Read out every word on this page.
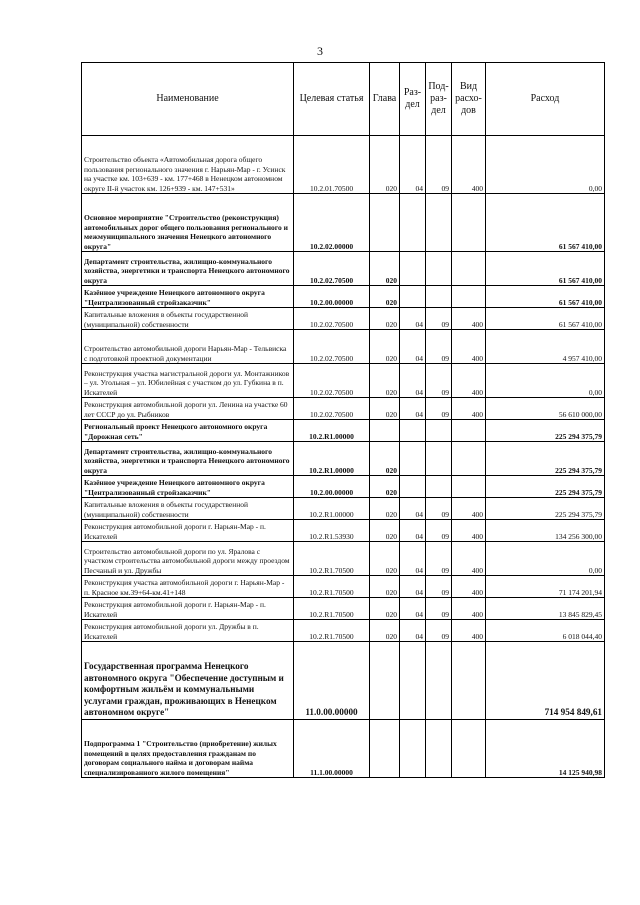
3
Наименование	Целевая статья	Глава	Раз-дел	Под-раз-дел	Вид расхо-дов	Расход
Строительство объекта «Автомобильная дорога общего пользования регионального значения г. Нарьян-Мар - г. Усинск на участке км. 103+639 - км. 177+468 в Ненецком автономном округе II-й участок км. 126+939 - км. 147+531»	10.2.01.70500	020	04	09	400	0,00
Основное мероприятие "Строительство (реконструкция) автомобильных дорог общего пользования регионального и межмуниципального значения Ненецкого автономного округа"	10.2.02.00000					61 567 410,00
Департамент строительства, жилищно-коммунального хозяйства, энергетики и транспорта Ненецкого автономного округа	10.2.02.70500	020				61 567 410,00
Казённое учреждение Ненецкого автономного округа "Централизованный стройзаказчик"	10.2.00.00000	020				61 567 410,00
Капитальные вложения в объекты государственной (муниципальной) собственности	10.2.02.70500	020	04	09	400	61 567 410,00
Строительство автомобильной дороги Нарьян-Мар - Тельвиска с подготовкой проектной документации	10.2.02.70500	020	04	09	400	4 957 410,00
Реконструкция участка магистральной дороги ул. Монтажников – ул. Угольная – ул. Юбилейная с участком до ул. Губкина в п. Искателей	10.2.02.70500	020	04	09	400	0,00
Реконструкция автомобильной дороги ул. Ленина на участке 60 лет СССР до ул. Рыбников	10.2.02.70500	020	04	09	400	56 610 000,00
Региональный проект Ненецкого автономного округа "Дорожная сеть"	10.2.R1.00000					225 294 375,79
Департамент строительства, жилищно-коммунального хозяйства, энергетики и транспорта Ненецкого автономного округа	10.2.R1.00000	020				225 294 375,79
Казённое учреждение Ненецкого автономного округа "Централизованный стройзаказчик"	10.2.00.00000	020				225 294 375,79
Капитальные вложения в объекты государственной (муниципальной) собственности	10.2.R1.00000	020	04	09	400	225 294 375,79
Реконструкция автомобильной дороги г. Нарьян-Мар - п. Искателей	10.2.R1.53930	020	04	09	400	134 256 300,00
Строительство автомобильной дороги по ул. Яралова с участком строительства автомобильной дороги между проездом Песчаный и ул. Дружбы	10.2.R1.70500	020	04	09	400	0,00
Реконструкция участка автомобильной дороги г. Нарьян-Мар - п. Красное км.39+64-км.41+148	10.2.R1.70500	020	04	09	400	71 174 201,94
Реконструкция автомобильной дороги г. Нарьян-Мар - п. Искателей	10.2.R1.70500	020	04	09	400	13 845 829,45
Реконструкция автомобильной дороги ул. Дружбы в п. Искателей	10.2.R1.70500	020	04	09	400	6 018 044,40
Государственная программа Ненецкого автономного округа "Обеспечение доступным и комфортным жильём и коммунальными услугами граждан, проживающих в Ненецком автономном округе"	11.0.00.00000					714 954 849,61
Подпрограмма 1 "Строительство (приобретение) жилых помещений в целях предоставления гражданам по договорам социального найма и договорам найма специализированного жилого помещения"	11.1.00.00000					14 125 940,98
